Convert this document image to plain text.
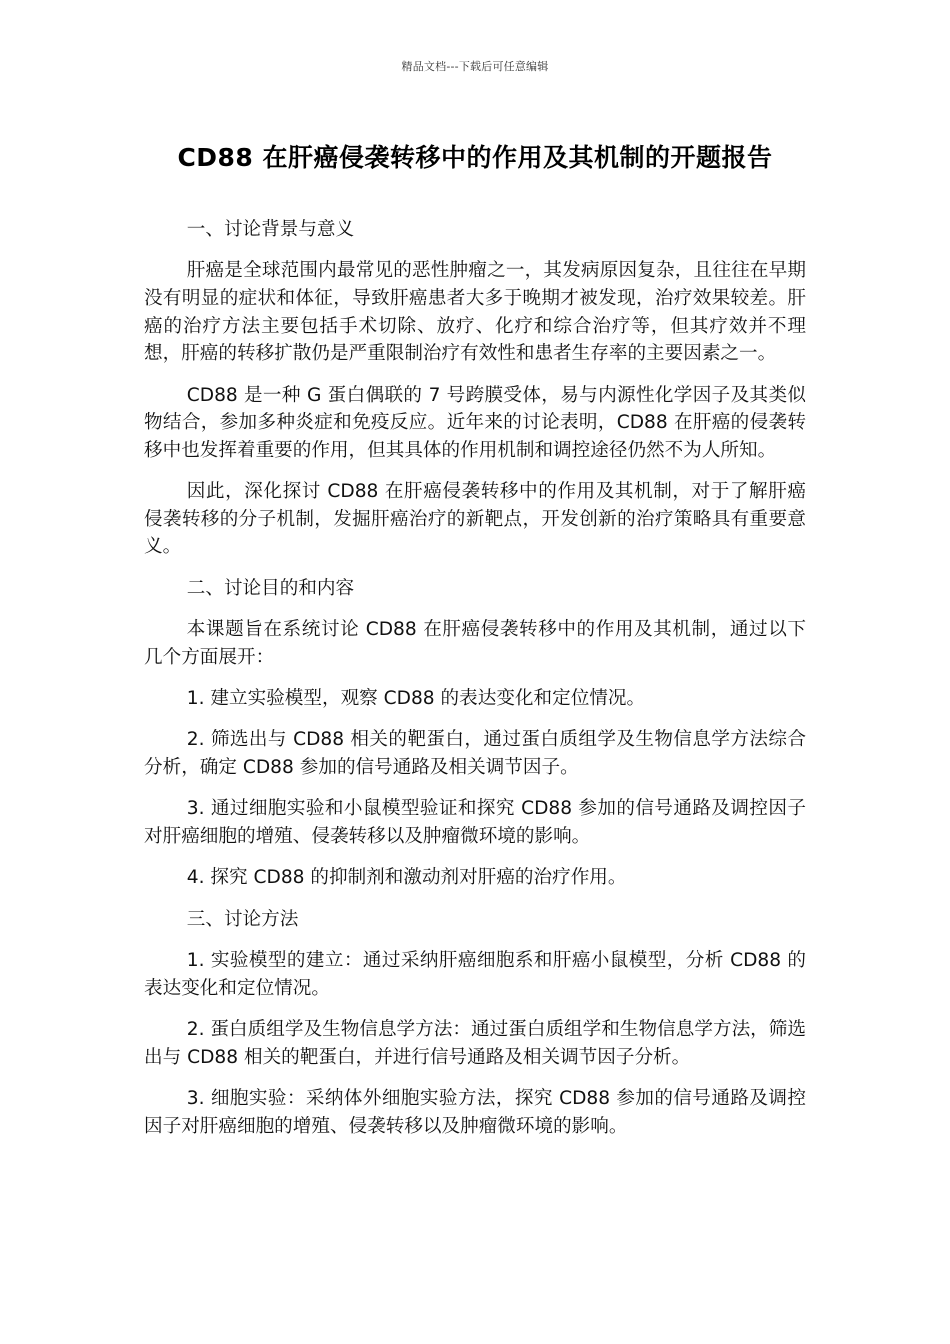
精品文档---下载后可任意编辑
CD88 在肝癌侵袭转移中的作用及其机制的开题报告
一、讨论背景与意义

肝癌是全球范围内最常见的恶性肿瘤之一，其发病原因复杂，且往往在早期没有明显的症状和体征，导致肝癌患者大多于晚期才被发现，治疗效果较差。肝癌的治疗方法主要包括手术切除、放疗、化疗和综合治疗等，但其疗效并不理想，肝癌的转移扩散仍是严重限制治疗有效性和患者生存率的主要因素之一。

CD88 是一种 G 蛋白偶联的 7 号跨膜受体，易与内源性化学因子及其类似物结合，参加多种炎症和免疫反应。近年来的讨论表明，CD88 在肝癌的侵袭转移中也发挥着重要的作用，但其具体的作用机制和调控途径仍然不为人所知。

因此，深化探讨 CD88 在肝癌侵袭转移中的作用及其机制，对于了解肝癌侵袭转移的分子机制，发掘肝癌治疗的新靶点，开发创新的治疗策略具有重要意义。

二、讨论目的和内容

本课题旨在系统讨论 CD88 在肝癌侵袭转移中的作用及其机制，通过以下几个方面展开：

1. 建立实验模型，观察 CD88 的表达变化和定位情况。

2. 筛选出与 CD88 相关的靶蛋白，通过蛋白质组学及生物信息学方法综合分析，确定 CD88 参加的信号通路及相关调节因子。

3. 通过细胞实验和小鼠模型验证和探究 CD88 参加的信号通路及调控因子对肝癌细胞的增殖、侵袭转移以及肿瘤微环境的影响。

4. 探究 CD88 的抑制剂和激动剂对肝癌的治疗作用。

三、讨论方法

1. 实验模型的建立：通过采纳肝癌细胞系和肝癌小鼠模型，分析 CD88 的表达变化和定位情况。

2. 蛋白质组学及生物信息学方法：通过蛋白质组学和生物信息学方法，筛选出与 CD88 相关的靶蛋白，并进行信号通路及相关调节因子分析。

3. 细胞实验：采纳体外细胞实验方法，探究 CD88 参加的信号通路及调控因子对肝癌细胞的增殖、侵袭转移以及肿瘤微环境的影响。
